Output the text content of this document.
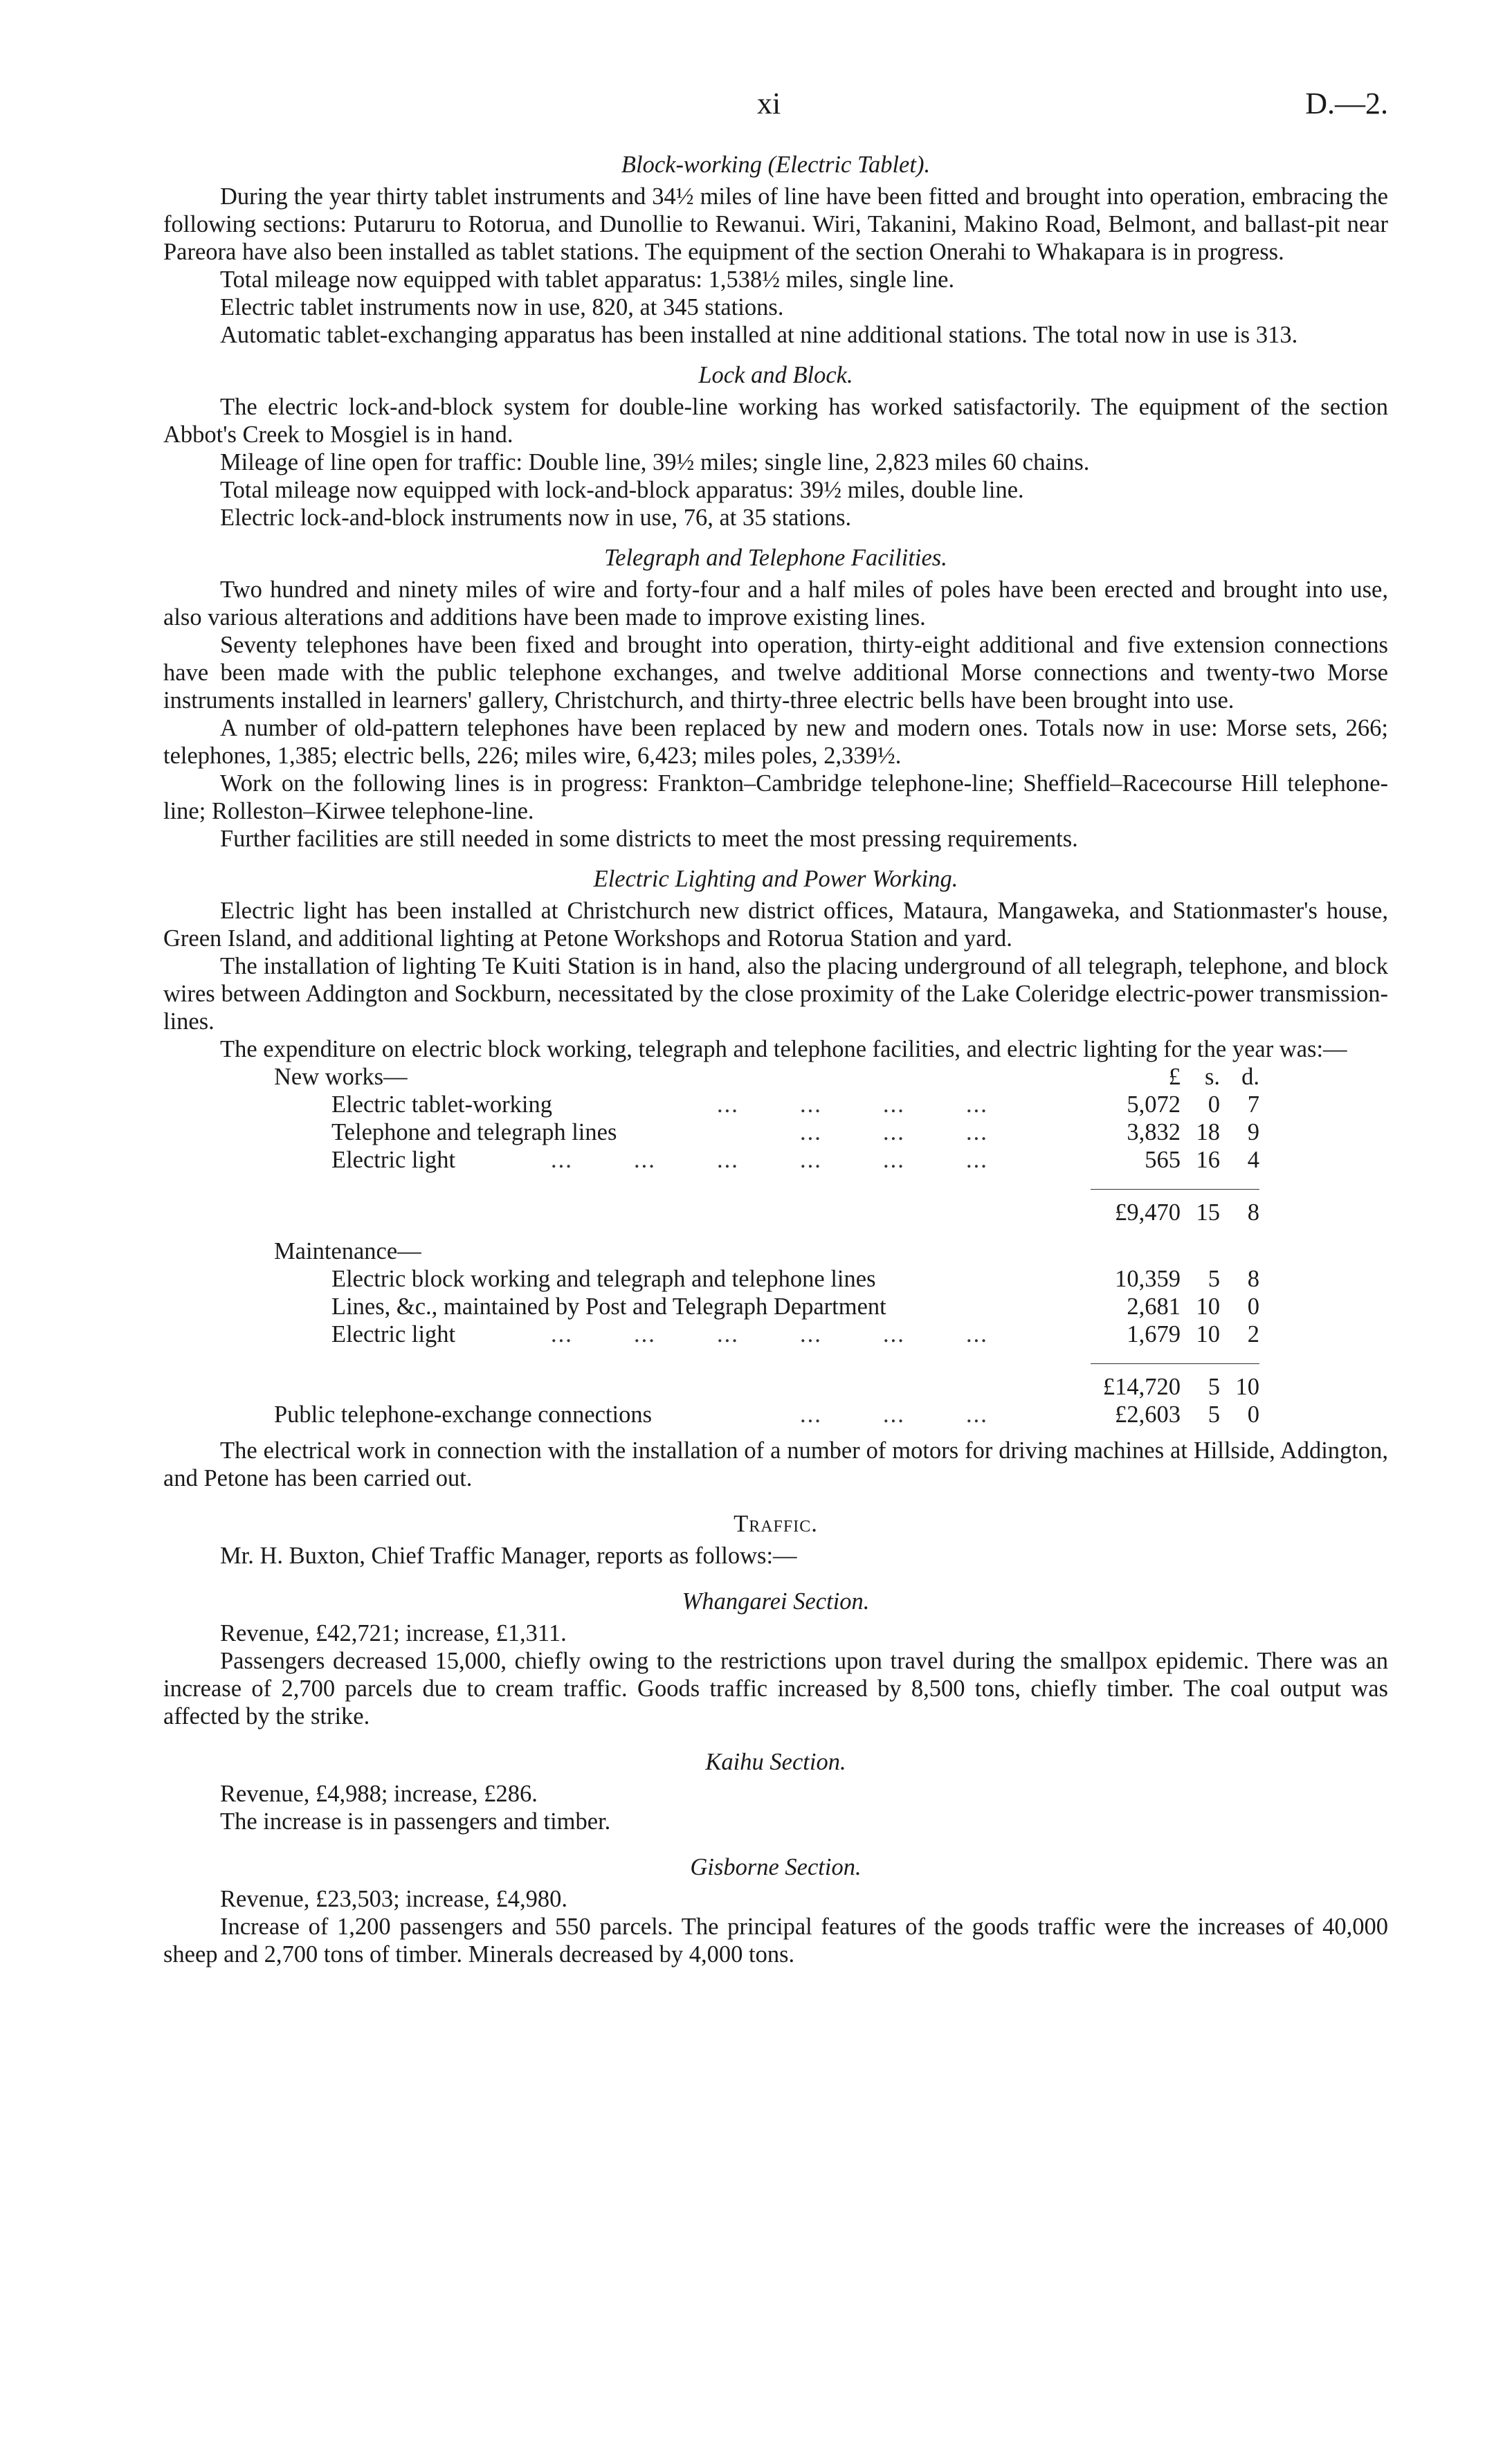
xi	D.—2.
Block-working (Electric Tablet).

During the year thirty tablet instruments and 34½ miles of line have been fitted and brought into operation, embracing the following sections: Putaruru to Rotorua, and Dunollie to Rewanui. Wiri, Takanini, Makino Road, Belmont, and ballast-pit near Pareora have also been installed as tablet stations. The equipment of the section Onerahi to Whakapara is in progress.

Total mileage now equipped with tablet apparatus: 1,538½ miles, single line.

Electric tablet instruments now in use, 820, at 345 stations.

Automatic tablet-exchanging apparatus has been installed at nine additional stations. The total now in use is 313.

Lock and Block.

The electric lock-and-block system for double-line working has worked satisfactorily. The equipment of the section Abbot's Creek to Mosgiel is in hand.

Mileage of line open for traffic: Double line, 39½ miles; single line, 2,823 miles 60 chains.

Total mileage now equipped with lock-and-block apparatus: 39½ miles, double line.

Electric lock-and-block instruments now in use, 76, at 35 stations.

Telegraph and Telephone Facilities.

Two hundred and ninety miles of wire and forty-four and a half miles of poles have been erected and brought into use, also various alterations and additions have been made to improve existing lines.

Seventy telephones have been fixed and brought into operation, thirty-eight additional and five extension connections have been made with the public telephone exchanges, and twelve additional Morse connections and twenty-two Morse instruments installed in learners' gallery, Christchurch, and thirty-three electric bells have been brought into use.

A number of old-pattern telephones have been replaced by new and modern ones. Totals now in use: Morse sets, 266; telephones, 1,385; electric bells, 226; miles wire, 6,423; miles poles, 2,339½.

Work on the following lines is in progress: Frankton–Cambridge telephone-line; Sheffield–Racecourse Hill telephone-line; Rolleston–Kirwee telephone-line.

Further facilities are still needed in some districts to meet the most pressing requirements.

Electric Lighting and Power Working.

Electric light has been installed at Christchurch new district offices, Mataura, Mangaweka, and Stationmaster's house, Green Island, and additional lighting at Petone Workshops and Rotorua Station and yard.

The installation of lighting Te Kuiti Station is in hand, also the placing underground of all telegraph, telephone, and block wires between Addington and Sockburn, necessitated by the close proximity of the Lake Coleridge electric-power transmission-lines.

The expenditure on electric block working, telegraph and telephone facilities, and electric lighting for the year was:—

New works—	£	s. d.
Electric tablet-working	...	...	...	...	5,072	0	7
Telephone and telegraph lines	...	...	...	3,832 18	9
Electric light	...	...	...	...	...	...	565 16	4
£9,470 15	8
Maintenance—
Electric block working and telegraph and telephone lines	10,359	5	8
Lines, &c., maintained by Post and Telegraph Department	2,681 10	0
Electric light	...	...	...	...	...	...	1,679 10	2
£14,720	5 10
Public telephone-exchange connections	...	...	...	£2,603	5	0

The electrical work in connection with the installation of a number of motors for driving machines at Hillside, Addington, and Petone has been carried out.

Traffic.

Mr. H. Buxton, Chief Traffic Manager, reports as follows:—

Whangarei Section.

Revenue, £42,721; increase, £1,311.

Passengers decreased 15,000, chiefly owing to the restrictions upon travel during the smallpox epidemic. There was an increase of 2,700 parcels due to cream traffic. Goods traffic increased by 8,500 tons, chiefly timber. The coal output was affected by the strike.

Kaihu Section.

Revenue, £4,988; increase, £286.

The increase is in passengers and timber.

Gisborne Section.

Revenue, £23,503; increase, £4,980.

Increase of 1,200 passengers and 550 parcels. The principal features of the goods traffic were the increases of 40,000 sheep and 2,700 tons of timber. Minerals decreased by 4,000 tons.
